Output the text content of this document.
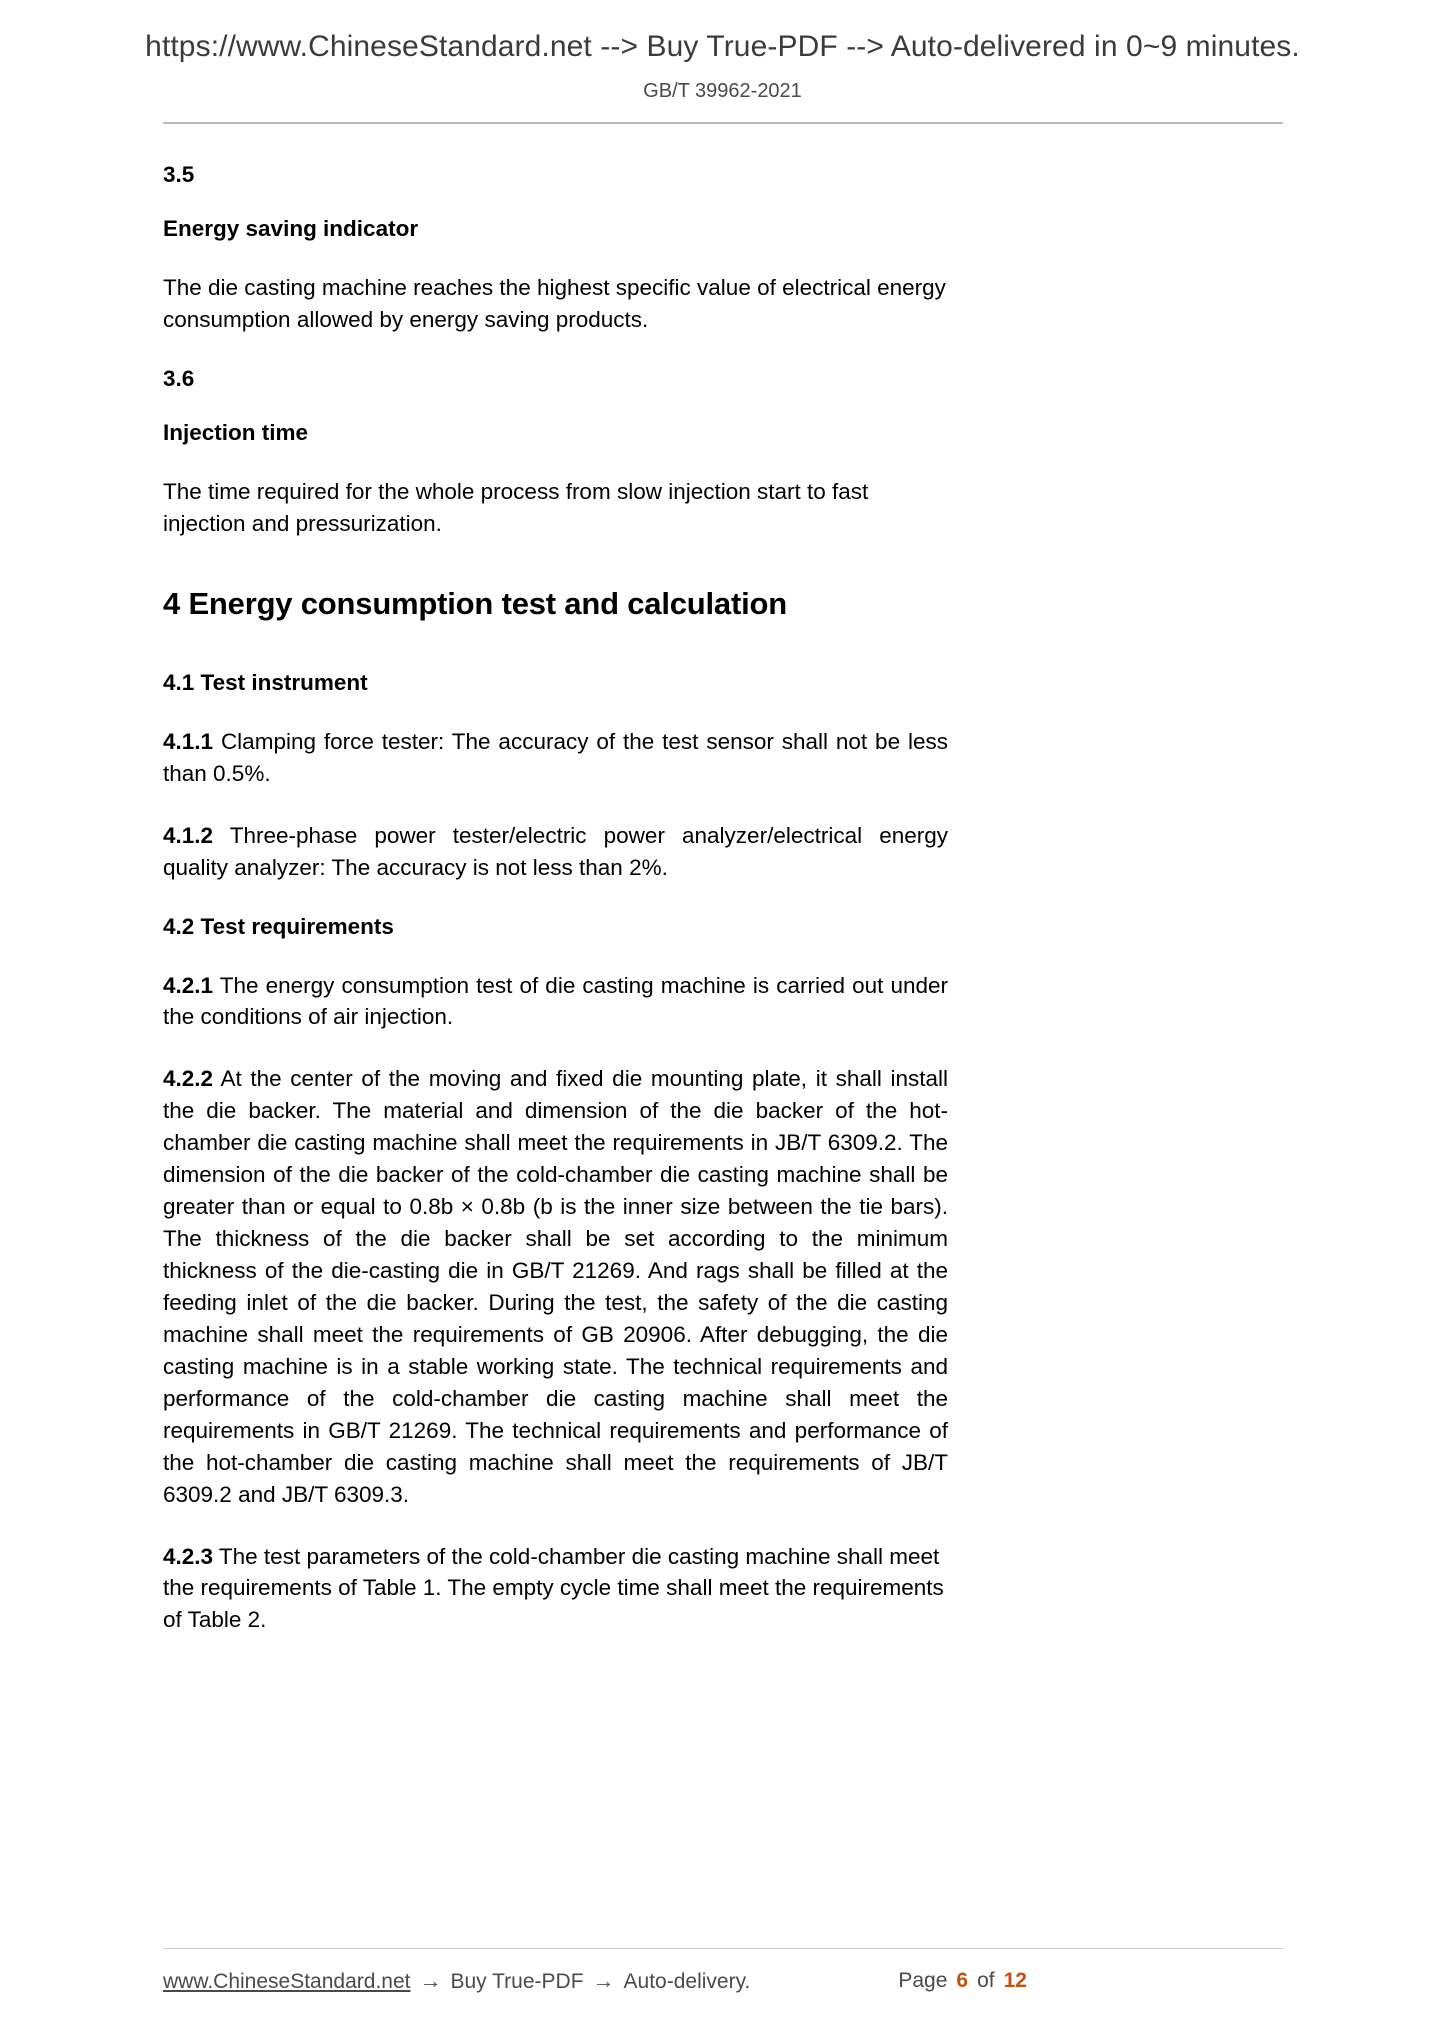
https://www.ChineseStandard.net --> Buy True-PDF --> Auto-delivered in 0~9 minutes.
GB/T 39962-2021
3.5
Energy saving indicator
The die casting machine reaches the highest specific value of electrical energy consumption allowed by energy saving products.
3.6
Injection time
The time required for the whole process from slow injection start to fast injection and pressurization.
4 Energy consumption test and calculation
4.1 Test instrument
4.1.1 Clamping force tester: The accuracy of the test sensor shall not be less than 0.5%.
4.1.2 Three-phase power tester/electric power analyzer/electrical energy quality analyzer: The accuracy is not less than 2%.
4.2 Test requirements
4.2.1 The energy consumption test of die casting machine is carried out under the conditions of air injection.
4.2.2 At the center of the moving and fixed die mounting plate, it shall install the die backer. The material and dimension of the die backer of the hot-chamber die casting machine shall meet the requirements in JB/T 6309.2. The dimension of the die backer of the cold-chamber die casting machine shall be greater than or equal to 0.8b × 0.8b (b is the inner size between the tie bars). The thickness of the die backer shall be set according to the minimum thickness of the die-casting die in GB/T 21269. And rags shall be filled at the feeding inlet of the die backer. During the test, the safety of the die casting machine shall meet the requirements of GB 20906. After debugging, the die casting machine is in a stable working state. The technical requirements and performance of the cold-chamber die casting machine shall meet the requirements in GB/T 21269. The technical requirements and performance of the hot-chamber die casting machine shall meet the requirements of JB/T 6309.2 and JB/T 6309.3.
4.2.3 The test parameters of the cold-chamber die casting machine shall meet the requirements of Table 1. The empty cycle time shall meet the requirements of Table 2.
www.ChineseStandard.net → Buy True-PDF → Auto-delivery.	Page 6 of 12
